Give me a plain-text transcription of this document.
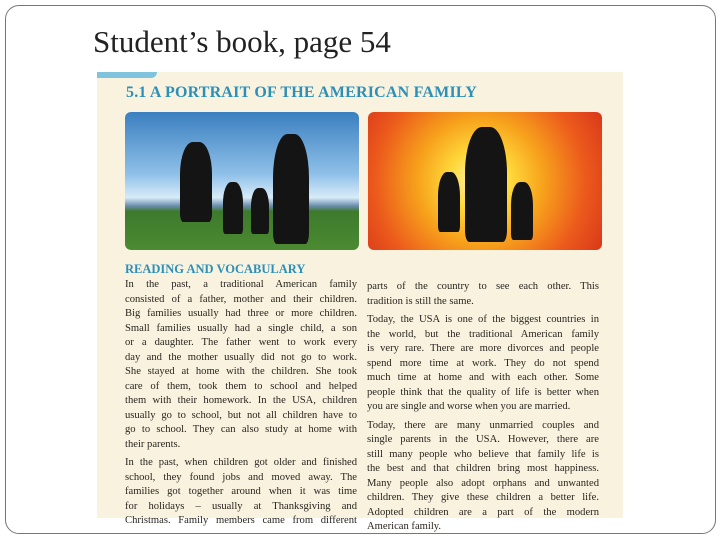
Student’s book, page 54
5.1 A PORTRAIT OF THE AMERICAN FAMILY
READING AND VOCABULARY
In the past, a traditional American family
consisted of a father, mother and their children.
Big families usually had three or more children.
Small families usually had a single child, a son
or a daughter. The father went to work every
day and the mother usually did not go to work.
She stayed at home with the children. She took
care of them, took them to school and helped
them with their homework. In the USA, children
usually go to school, but not all children have to
go to school. They can also study at home with
their parents.
In the past, when children got older and finished
school, they found jobs and moved away. The
families got together around when it was time
for holidays – usually at Thanksgiving and
Christmas. Family members came from different
parts of the country to see each other. This
tradition is still the same.
Today, the USA is one of the biggest countries in
the world, but the traditional American family
is very rare. There are more divorces and people
spend more time at work. They do not spend
much time at home and with each other. Some
people think that the quality of life is better when
you are single and worse when you are married.
Today, there are many unmarried couples and
single parents in the USA. However, there are
still many people who believe that family life is
the best and that children bring most happiness.
Many people also adopt orphans and unwanted
children. They give these children a better life.
Adopted children are a part of the modern
American family.
